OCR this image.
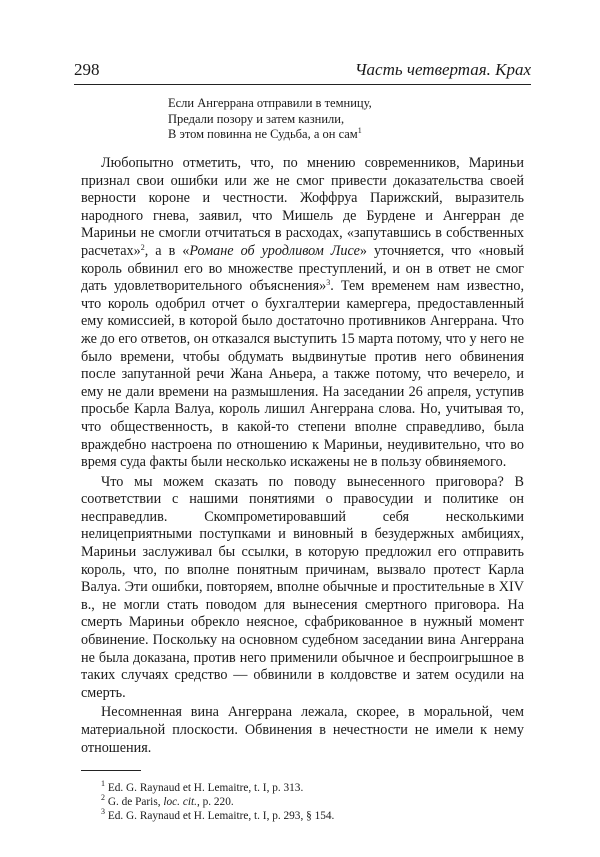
298	Часть четвертая. Крах
Если Ангеррана отправили в темницу,
Предали позору и затем казнили,
В этом повинна не Судьба, а он сам$^1$

Любопытно отметить, что, по мнению современников, Мариньи признал свои ошибки или же не смог привести доказательства своей верности короне и честности. Жоффруа Парижский, выразитель народного гнева, заявил, что Мишель де Бурдене и Ангерран де Мариньи не смогли отчитаться в расходах, «запутавшись в собственных расчетах»$^2$, а в «Романе об уродливом Лисе» уточняется, что «новый король обвинил его во множестве преступлений, и он в ответ не смог дать удовлетворительного объяснения»$^3$. Тем временем нам известно, что король одобрил отчет о бухгалтерии камергера, предоставленный ему комиссией, в которой было достаточно противников Ангеррана. Что же до его ответов, он отказался выступить 15 марта потому, что у него не было времени, чтобы обдумать выдвинутые против него обвинения после запутанной речи Жана Аньера, а также потому, что вечерело, и ему не дали времени на размышления. На заседании 26 апреля, уступив просьбе Карла Валуа, король лишил Ангеррана слова. Но, учитывая то, что общественность, в какой-то степени вполне справедливо, была враждебно настроена по отношению к Мариньи, неудивительно, что во время суда факты были несколько искажены не в пользу обвиняемого.

Что мы можем сказать по поводу вынесенного приговора? В соответствии с нашими понятиями о правосудии и политике он несправедлив. Скомпрометировавший себя несколькими нелицеприятными поступками и виновный в безудержных амбициях, Мариньи заслуживал бы ссылки, в которую предложил его отправить король, что, по вполне понятным причинам, вызвало протест Карла Валуа. Эти ошибки, повторяем, вполне обычные и простительные в XIV в., не могли стать поводом для вынесения смертного приговора. На смерть Мариньи обрекло неясное, сфабрикованное в нужный момент обвинение. Поскольку на основном судебном заседании вина Ангеррана не была доказана, против него применили обычное и беспроигрышное в таких случаях средство — обвинили в колдовстве и затем осудили на смерть.

Несомненная вина Ангеррана лежала, скорее, в моральной, чем материальной плоскости. Обвинения в нечестности не имели к нему отношения.

$^1$ Ed. G. Raynaud et H. Lemaitre, t. I, p. 313.
$^2$ G. de Paris, loc. cit., p. 220.
$^3$ Ed. G. Raynaud et H. Lemaitre, t. I, p. 293, § 154.
